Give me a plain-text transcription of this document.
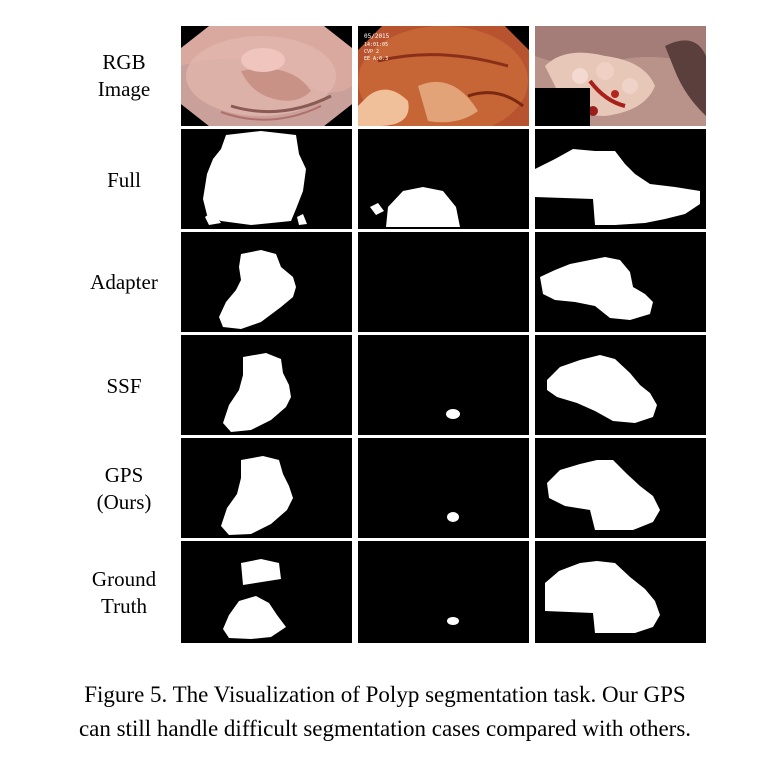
RGB
Image
Full
Adapter
SSF
GPS
(Ours)
Ground
Truth
05/2015
14:01:05
CVP 2
EE A:0.3
Figure 5. The Visualization of Polyp segmentation task. Our GPS
can still handle difficult segmentation cases compared with others.
